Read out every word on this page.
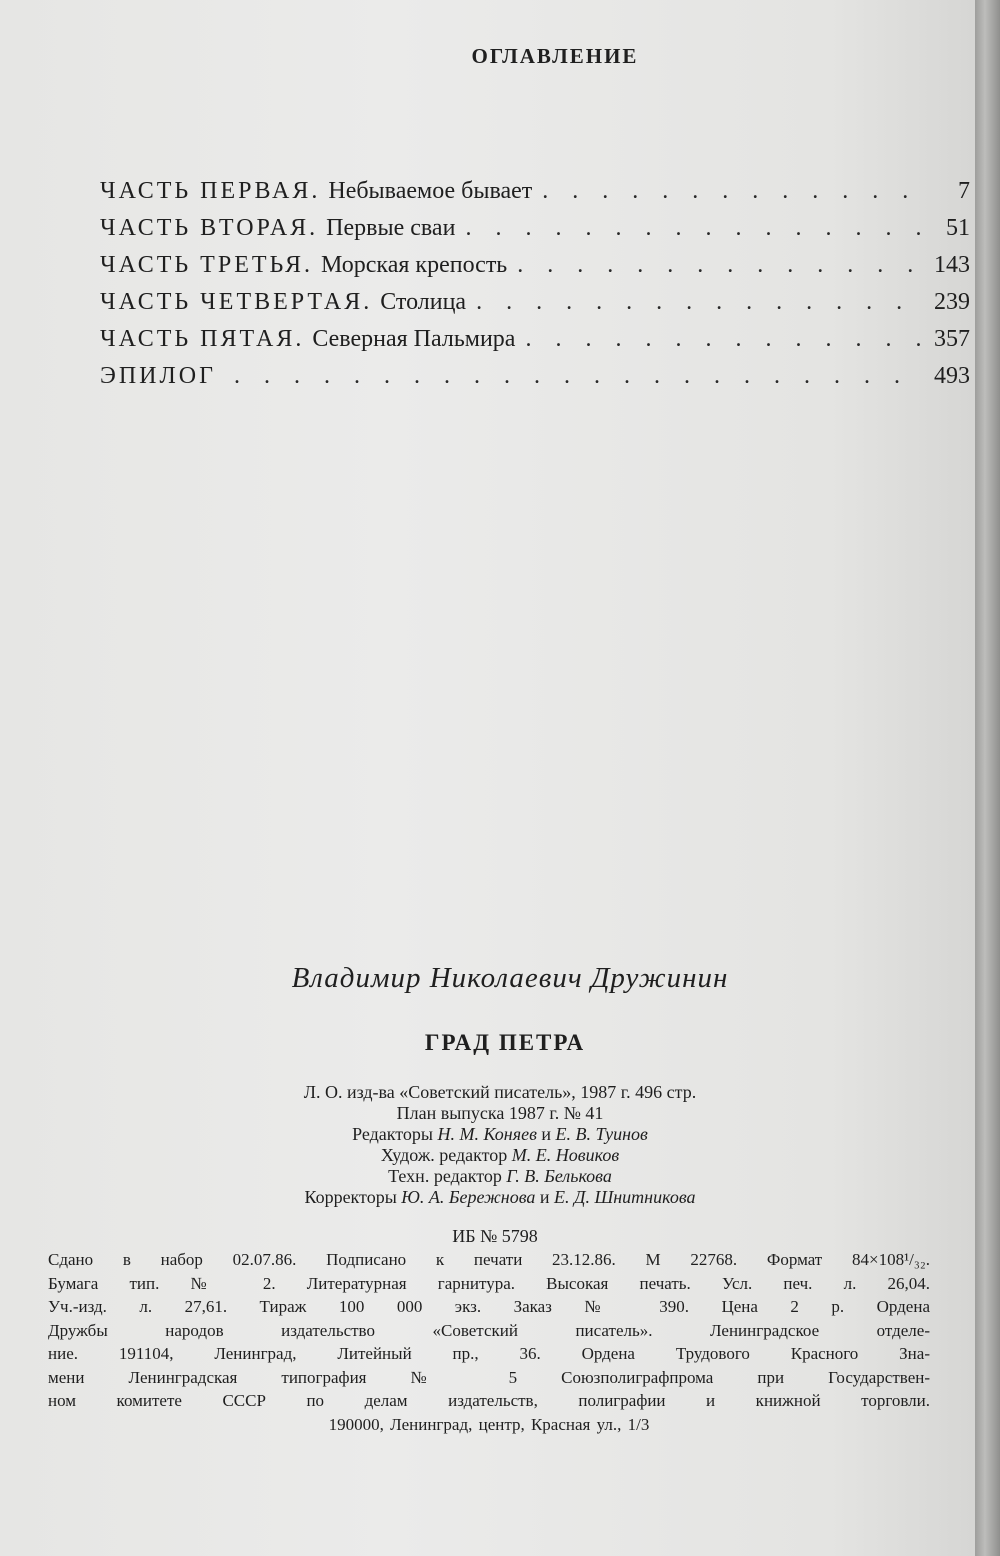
ОГЛАВЛЕНИЕ
ЧАСТЬ ПЕРВАЯ. Небываемое бывает . . .	7
ЧАСТЬ ВТОРАЯ. Первые сваи . . .	51
ЧАСТЬ ТРЕТЬЯ. Морская крепость . . .	143
ЧАСТЬ ЧЕТВЕРТАЯ. Столица . . .	239
ЧАСТЬ ПЯТАЯ. Северная Пальмира . . .	357
ЭПИЛОГ . . .	493
Владимир Николаевич Дружинин
ГРАД ПЕТРА
Л. О. изд-ва «Советский писатель», 1987 г. 496 стр.
План выпуска 1987 г. № 41
Редакторы Н. М. Коняев и Е. В. Туинов
Худож. редактор М. Е. Новиков
Техн. редактор Г. В. Белькова
Корректоры Ю. А. Бережнова и Е. Д. Шнитникова
ИБ № 5798
Сдано в набор 02.07.86. Подписано к печати 23.12.86. М 22768. Формат 84×108¹/₃₂.
Бумага тип. № 2. Литературная гарнитура. Высокая печать. Усл. печ. л. 26,04.
Уч.-изд. л. 27,61. Тираж 100 000 экз. Заказ № 390. Цена 2 р. Ордена
Дружбы народов издательство «Советский писатель». Ленинградское отделе-
ние. 191104, Ленинград, Литейный пр., 36. Ордена Трудового Красного Зна-
мени Ленинградская типография № 5 Союзполиграфпрома при Государствен-
ном комитете СССР по делам издательств, полиграфии и книжной торговли.
190000, Ленинград, центр, Красная ул., 1/3
